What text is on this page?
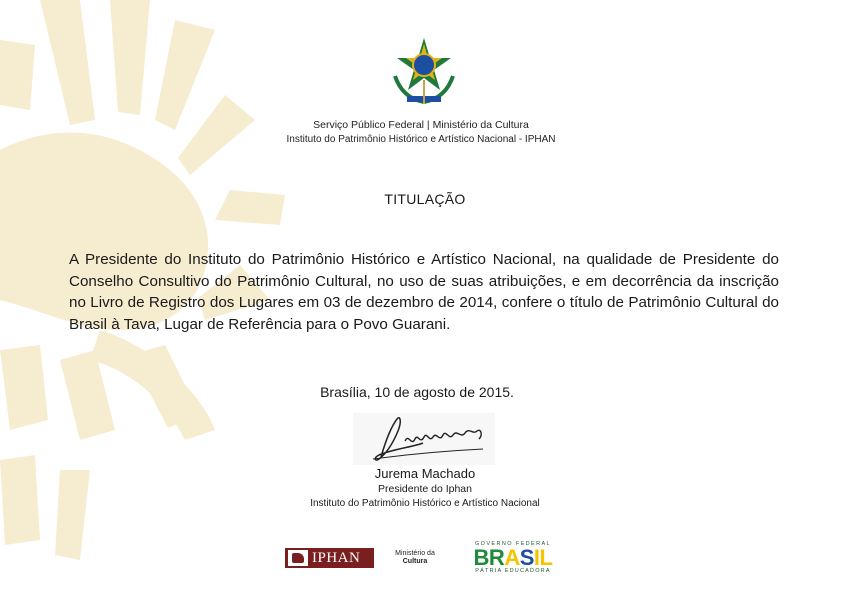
Serviço Público Federal | Ministério da Cultura
Instituto do Patrimônio Histórico e Artístico Nacional - IPHAN
TITULAÇÃO
A Presidente do Instituto do Patrimônio Histórico e Artístico Nacional, na qualidade de Presidente do Conselho Consultivo do Patrimônio Cultural, no uso de suas atribuições, e em decorrência da inscrição no Livro de Registro dos Lugares em 03 de dezembro de 2014, confere o título de Patrimônio Cultural do Brasil à Tava, Lugar de Referência para o Povo Guarani.
Brasília, 10 de agosto de 2015.
Jurema Machado
Presidente do Iphan
Instituto do Patrimônio Histórico e Artístico Nacional
IPHAN	Ministério da
Cultura
GOVERNO FEDERAL
BRASIL
PÁTRIA EDUCADORA
